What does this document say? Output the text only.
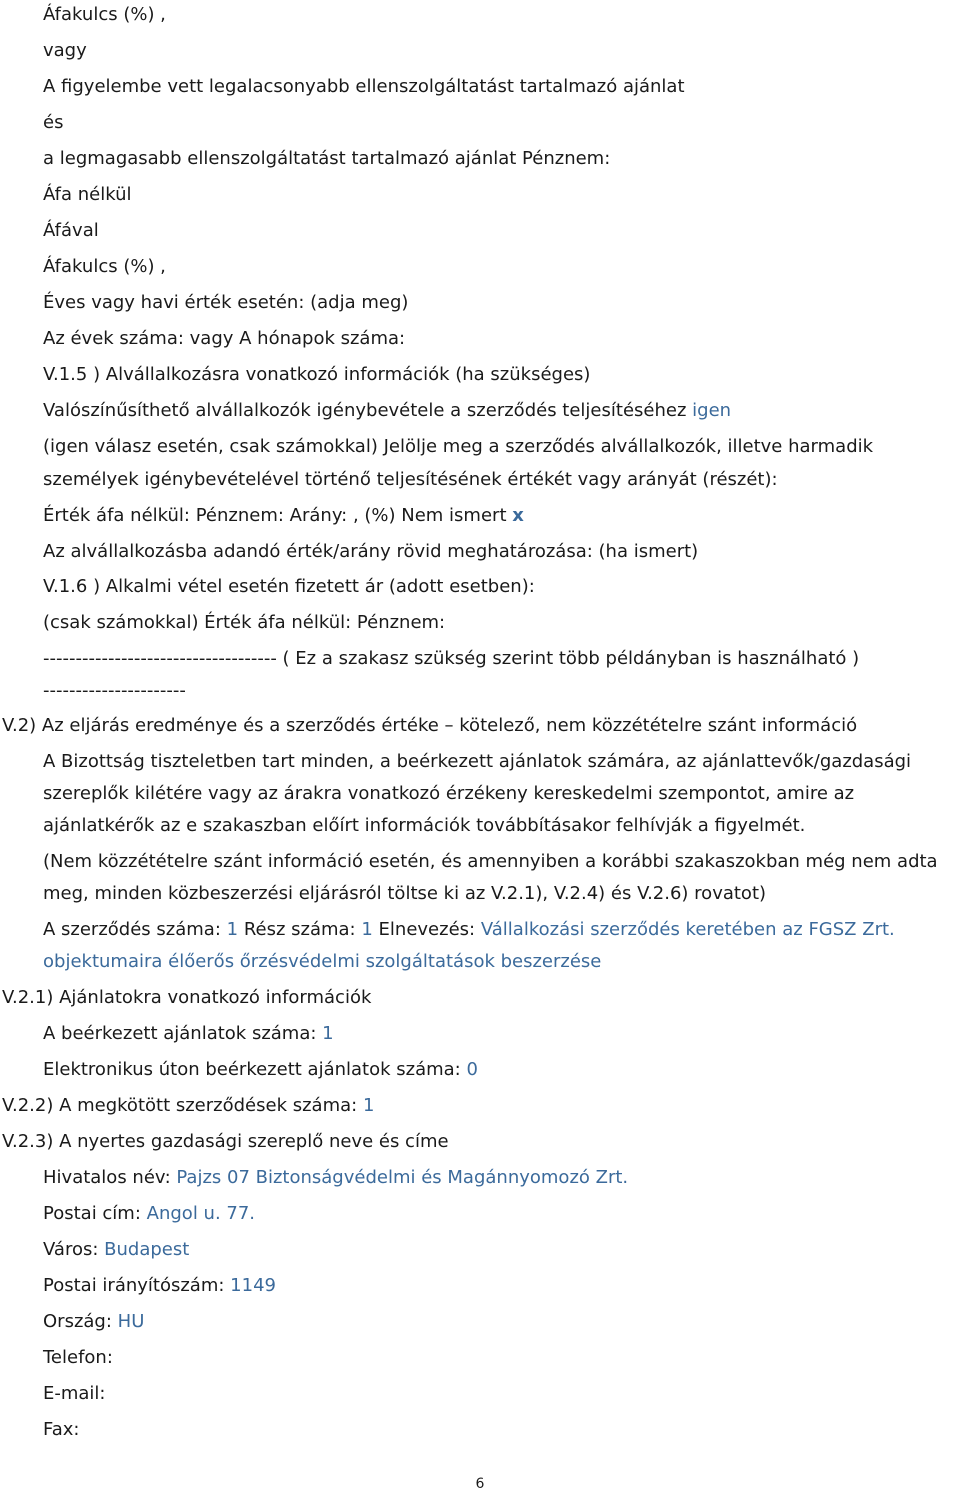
Áfakulcs (%) ,
vagy
A figyelembe vett legalacsonyabb ellenszolgáltatást tartalmazó ajánlat
és
a legmagasabb ellenszolgáltatást tartalmazó ajánlat Pénznem:
Áfa nélkül
Áfával
Áfakulcs (%) ,
Éves vagy havi érték esetén: (adja meg)
Az évek száma: vagy A hónapok száma:
V.1.5 ) Alvállalkozásra vonatkozó információk (ha szükséges)
Valószínűsíthető alvállalkozók igénybevétele a szerződés teljesítéséhez igen
(igen válasz esetén, csak számokkal) Jelölje meg a szerződés alvállalkozók, illetve harmadik
személyek igénybevételével történő teljesítésének értékét vagy arányát (részét):
Érték áfa nélkül: Pénznem: Arány: , (%) Nem ismert x
Az alvállalkozásba adandó érték/arány rövid meghatározása: (ha ismert)
V.1.6 ) Alkalmi vétel esetén fizetett ár (adott esetben):
(csak számokkal) Érték áfa nélkül: Pénznem:
------------------------------------ ( Ez a szakasz szükség szerint több példányban is használható )
----------------------
V.2) Az eljárás eredménye és a szerződés értéke – kötelező, nem közzétételre szánt információ
A Bizottság tiszteletben tart minden, a beérkezett ajánlatok számára, az ajánlattevők/gazdasági
szereplők kilétére vagy az árakra vonatkozó érzékeny kereskedelmi szempontot, amire az
ajánlatkérők az e szakaszban előírt információk továbbításakor felhívják a figyelmét.
(Nem közzétételre szánt információ esetén, és amennyiben a korábbi szakaszokban még nem adta
meg, minden közbeszerzési eljárásról töltse ki az V.2.1), V.2.4) és V.2.6) rovatot)
A szerződés száma: 1 Rész száma: 1 Elnevezés: Vállalkozási szerződés keretében az FGSZ Zrt.
objektumaira élőerős őrzésvédelmi szolgáltatások beszerzése
V.2.1) Ajánlatokra vonatkozó információk
A beérkezett ajánlatok száma: 1
Elektronikus úton beérkezett ajánlatok száma: 0
V.2.2) A megkötött szerződések száma: 1
V.2.3) A nyertes gazdasági szereplő neve és címe
Hivatalos név: Pajzs 07 Biztonságvédelmi és Magánnyomozó Zrt.
Postai cím: Angol u. 77.
Város: Budapest
Postai irányítószám: 1149
Ország: HU
Telefon:
E-mail:
Fax:
6
